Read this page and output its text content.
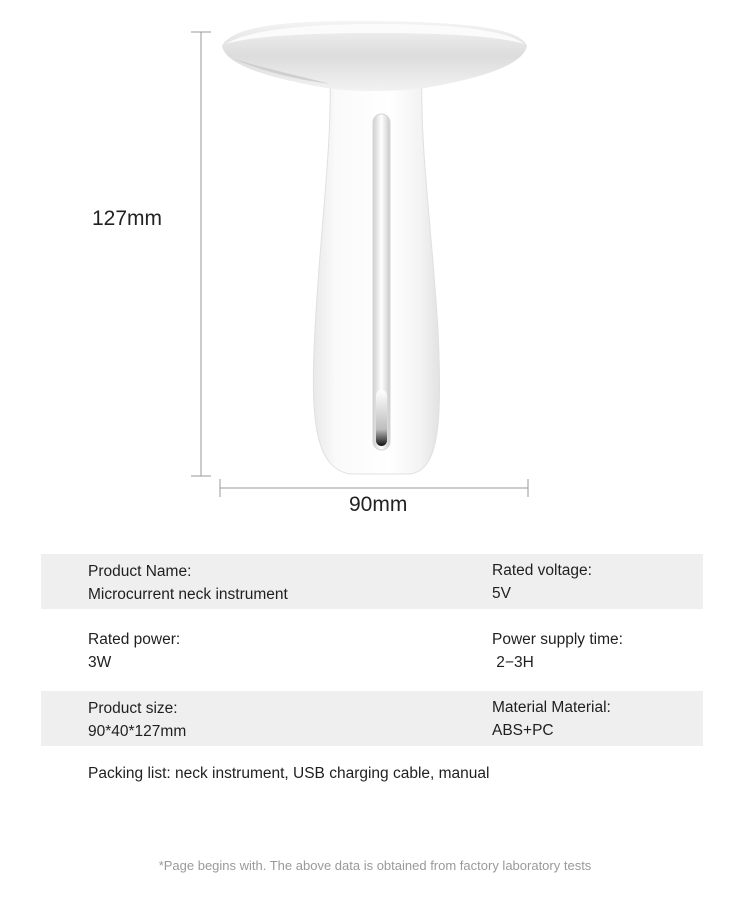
127mm
90mm
Product Name:
Microcurrent neck instrument
Rated voltage:
5V
Rated power:
3W
Power supply time:
2−3H
Product size:
90*40*127mm
Material Material:
ABS+PC
Packing list: neck instrument, USB charging cable, manual
*Page begins with. The above data is obtained from factory laboratory tests
